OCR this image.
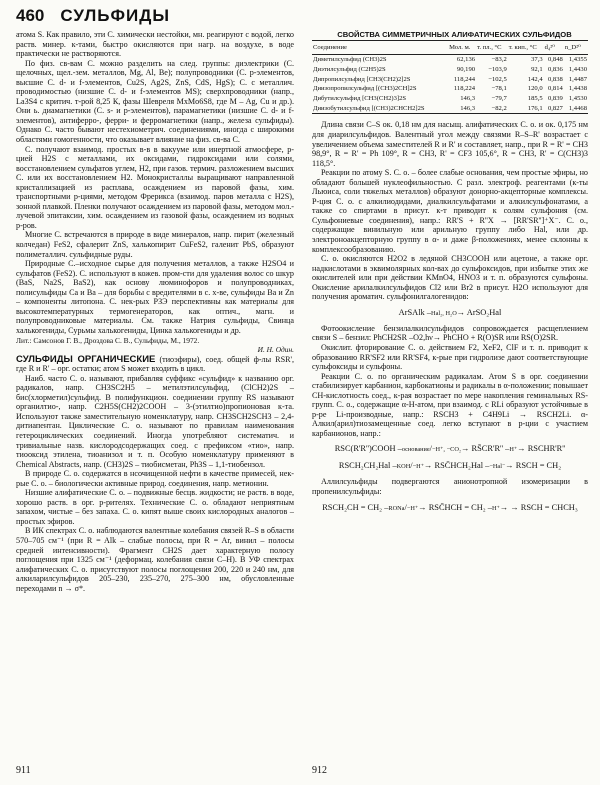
460 СУЛЬФИДЫ

атома S. Как правило, эти С. химически нестойки, мн. реагируют с водой, легко раств. минер. к-тами, быстро окисляются при нагр. на воздухе, в воде практически не растворяются.

По физ. св-вам С. можно разделить на след. группы: диэлектрики (С. щелочных, щел.-зем. металлов, Mg, Al, Be); полупроводники (С. p-элементов, высшие С. d- и f-элементов, Cu2S, Ag2S, ZnS, CdS, HgS); С. с металлич. проводимостью (низшие С. d- и f-элементов MS); сверхпроводники (напр., La3S4 с критич. т-рой 8,25 К, фазы Шевреля MxMo6S8, где M – Ag, Cu и др.). Они ь. диамагнетики (С. s- и p-элементов), парамагнетики (низшие С. d- и f-элементов), антиферро-, ферри- и ферромагнетики (напр., железа сульфиды). Однако С. часто бывают нестехиометрич. соединениями, иногда с широкими областями гомогенности, что оказывает влияние на физ. св-ва С.

С. получают взаимод. простых в-в в вакууме или инертной атмосфере, р-цией H2S с металлами, их оксидами, гидроксидами или солями, восстановлением сульфатов углем, H2, при газов. термич. разложением высших С. или их восстановлением H2. Монокристаллы выращивают направленной кристаллизацией из расплава, осаждением из паровой фазы, хим. транспортными р-циями, методом Фрерикса (взаимод. паров металла с H2S), зонной плавкой. Пленки получают осаждением из паровой фазы, методом мол.-лучевой эпитаксии, хим. осаждением из газовой фазы, осаждением из водных р-ров.

Многие С. встречаются в природе в виде минералов, напр. пирит (железный колчедан) FeS2, сфалерит ZnS, халькопирит CuFeS2, галенит PbS, образуют полиметаллич. сульфидные руды.

Природные С.–исходное сырье для получения металлов, а также H2SO4 и сульфатов (FeS2). С. используют в кожев. пром-сти для удаления волос со шкур (BaS, Na2S, BaS2), как основу люминофоров и полупроводниках, полисульфиды Ca и Ba – для борьбы с вредителями в с. х-ве, сульфиды Ba и Zn – компоненты литопона. С. нек-рых РЗЭ перспективны как материалы для высокотемпературных термогенераторов, как оптич., магн. и полупроводниковые материалы. См. также Натрия сульфиды, Свинца халькогениды, Сурьмы халькогениды, Цинка халькогениды и др.

Лит.: Самсонов Г. В., Дроздова С. В., Сульфиды, М., 1972.

И. Н. Один.

СУЛЬФИДЫ ОРГАНИЧЕСКИЕ (тиоэфиры), соед. общей ф-лы RSR', где R и R' – орг. остатки; атом S может входить в цикл.

Наиб. часто С. о. называют, прибавляя суффикс «сульфид» к названию орг. радикалов, напр. CH3SC2H5 – метилэтилсульфид, (ClCH2)2S – бис(хлорметил)сульфид. В полифункцион. соединении группу RS называют органилтио-, напр. C2H5S(CH2)2COOH – 3-(этилтио)пропионовая к-та. Используют также заместительную номенклатуру, напр. CH3SCH2SCH3 – 2,4-дитиапентан. Циклические С. о. называют по правилам наименования гетероциклических соединений. Иногда употребляют систематич. и тривиальные назв. кислородсодержащих соед. с префиксом «тио», напр. тиооксид этилена, тиоанизол и т. п. Особую номенклатуру применяют в Chemical Abstracts, напр. (CH3)2S – тиобисметан, Ph3S – 1,1-тиобензол.

В природе С. о. содержатся в нсочищенной нефти в качестве примесей, нек-рые С. о. – биологически активные природ. соединения, напр. метионин.

Низшие алифатические С. о. – подвижные бесцв. жидкости; не раств. в воде, хорошо раств. в орг. р-рителях. Технические С. о. обладают неприятным запахом, чистые – без запаха. С. о. кипят выше своих кислородных аналогов – простых эфиров.

В ИК спектрах С. о. наблюдаются валентные колебания связей R–S в области 570–705 см⁻¹ (при R = Alk – слабые полосы, при R = Ar, винил – полосы средней интенсивности). Фрагмент CH2S дает характерную полосу поглощения при 1325 см⁻¹ (деформац. колебания связи C–H). В УФ спектрах алифатических С. о. присутствуют полосы поглощения 200, 220 и 240 нм, для алкиларилсульфидов 205–230, 235–270, 275–300 нм, обусловленные переходами n → σ*.

СВОЙСТВА СИММЕТРИЧНЫХ АЛИФАТИЧЕСКИХ СУЛЬФИДОВ

Соединение	Мол. м.	т. пл., °С	т. кип., °С	d₄²⁰	n_D²⁰
Диметилсульфид (CH3)2S	62,136	−83,2	37,3	0,848	1,4355
Диэтилсульфид (C2H5)2S	90,190	−103,9	92,1	0,836	1,4430
Дипропилсульфид [CH3(CH2)2]2S	118,244	−102,5	142,4	0,838	1,4487
Диизопропилсульфид [(CH3)2CH]2S	118,224	−78,1	120,0	0,814	1,4438
Дибутилсульфид [CH3(CH2)3]2S	146,3	−79,7	185,5	0,839	1,4530
Диизобутилсульфид [(CH3)2CHCH2]2S	146,3	−82,2	176,1	0,827	1,4468

Длина связи C–S ок. 0,18 нм для насыщ. алифатических С. о. и ок. 0,175 нм для диарилсульфидов. Валентный угол между связями R–S–R' возрастает с увеличением объема заместителей R и R' и составляет, напр., при R = R' = CH3 98,9°, R = R' = Ph 109°, R = CH3, R' = CF3 105,6°, R = CH3, R' = C(CH3)3 118,5°.

Реакции по атому S. С. о. – более слабые основания, чем простые эфиры, но обладают большей нуклеофильностью. С разл. электроф. реагентами (к-ты Льюиса, соли тяжелых металлов) образуют донорно-акцепторные комплексы. Р-ция С. о. с алкилиодидами, диалкилсульфатами и алкилсульфонатами, а также со спиртами в присут. к-т приводит к солям сульфония (см. Сульфониевые соединения), напр.: RR'S + R''X → [RR'SR'']⁺X⁻. С. о., содержащие винильную или арильную группу либо Hal, или др. электроноакцепторную группу в α- и даже β-положениях, менее склонны к комплексообразованию.

С. о. окисляются H2O2 в ледяной CH3COOH или ацетоне, а также орг. надкислотами в эквимолярных кол-вах до сульфоксидов, при избытке этих же окислителей или при действии KMnO4, HNO3 и т. п. образуются сульфоны. Окисление арилалкилсульфидов Cl2 или Br2 в присут. H2O используют для получения ароматич. сульфонилгалогенидов:

ArSAlk –Hal₂, H₂O→ ArSO₂Hal

Фотоокисление бензилалкилсульфидов сопровождается расщеплением связи S – бензил: PhCH2SR –O2,hν→ PhCHO + R(O)SR или RS(O)2SR.

Окислит. фторирование С. о. действием F2, XeF2, ClF и т. п. приводит к образованию RR'SF2 или RR'SF4, к-рые при гидролизе дают соответствующие сульфоксиды и сульфоны.

Реакции С. о. по органическим радикалам. Атом S в орг. соединении стабилизирует карбанион, карбокатионы и радикалы в α-положении; повышает CH-кислотность соед., к-рая возрастает по мере накопления геминальных RS-групп. С. о., содержащие α-H-атом, при взаимод. с RLi образуют устойчивые в р-ре Li-производные, напр.: RSCH3 + C4H9Li → RSCH2Li. α-Алкил(арил)тиозамещенные соед. легко вступают в р-ции с участием карбанионов, напр.:

RSC(R'R'')COOH –основание/−H⁺, −CO₂→ RS̄CR'R'' –H⁺→ RSCHR'R''
RSCH₂CH₂Hal –KOH/−H⁺→ RSC̄HCH₂Hal –−Hal⁻→ RSCH = CH₂

Аллилсульфиды подвергаются анионотропной изомеризации в пропенилсульфиды:

RSCH₂CH = CH₂ –RONa/−H⁺→ RSC̄HCH = CH₂ –H⁺→ → RSCH = CHCH₃
911	912
